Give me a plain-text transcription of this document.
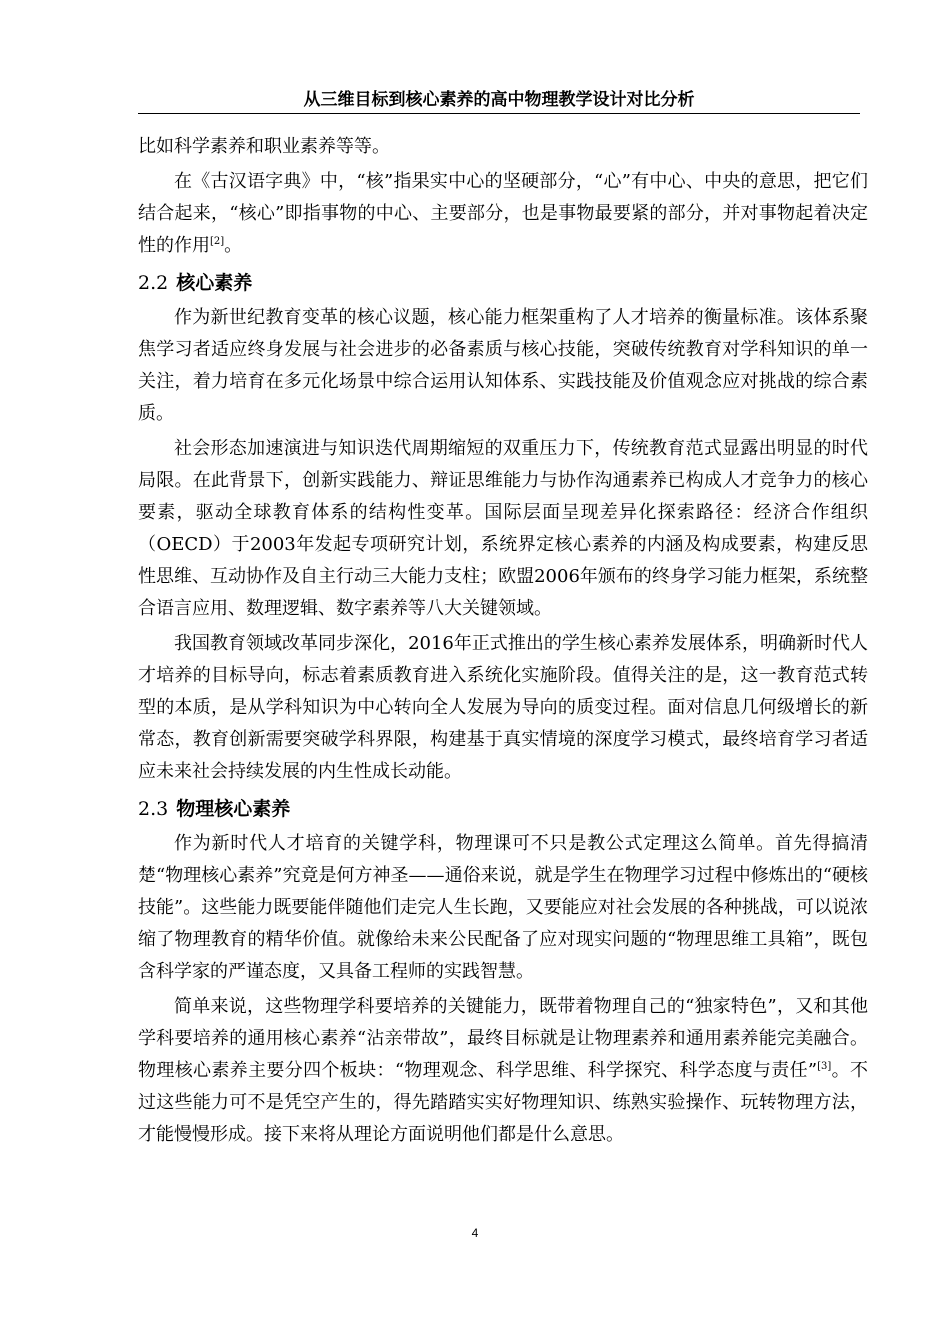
从三维目标到核心素养的高中物理教学设计对比分析

比如科学素养和职业素养等等。

在《古汉语字典》中，“核”指果实中心的坚硬部分，“心”有中心、中央的意思，把它们结合起来，“核心”即指事物的中心、主要部分，也是事物最要紧的部分，并对事物起着决定性的作用[2]。

2.2 核心素养

作为新世纪教育变革的核心议题，核心能力框架重构了人才培养的衡量标准。该体系聚焦学习者适应终身发展与社会进步的必备素质与核心技能，突破传统教育对学科知识的单一关注，着力培育在多元化场景中综合运用认知体系、实践技能及价值观念应对挑战的综合素质。

社会形态加速演进与知识迭代周期缩短的双重压力下，传统教育范式显露出明显的时代局限。在此背景下，创新实践能力、辩证思维能力与协作沟通素养已构成人才竞争力的核心要素，驱动全球教育体系的结构性变革。国际层面呈现差异化探索路径：经济合作组织（OECD）于2003年发起专项研究计划，系统界定核心素养的内涵及构成要素，构建反思性思维、互动协作及自主行动三大能力支柱；欧盟2006年颁布的终身学习能力框架，系统整合语言应用、数理逻辑、数字素养等八大关键领域。

我国教育领域改革同步深化，2016年正式推出的学生核心素养发展体系，明确新时代人才培养的目标导向，标志着素质教育进入系统化实施阶段。值得关注的是，这一教育范式转型的本质，是从学科知识为中心转向全人发展为导向的质变过程。面对信息几何级增长的新常态，教育创新需要突破学科界限，构建基于真实情境的深度学习模式，最终培育学习者适应未来社会持续发展的内生性成长动能。

2.3 物理核心素养

作为新时代人才培育的关键学科，物理课可不只是教公式定理这么简单。首先得搞清楚“物理核心素养”究竟是何方神圣——通俗来说，就是学生在物理学习过程中修炼出的“硬核技能”。这些能力既要能伴随他们走完人生长跑，又要能应对社会发展的各种挑战，可以说浓缩了物理教育的精华价值。就像给未来公民配备了应对现实问题的“物理思维工具箱”，既包含科学家的严谨态度，又具备工程师的实践智慧。

简单来说，这些物理学科要培养的关键能力，既带着物理自己的“独家特色”，又和其他学科要培养的通用核心素养“沾亲带故”，最终目标就是让物理素养和通用素养能完美融合。物理核心素养主要分四个板块：“物理观念、科学思维、科学探究、科学态度与责任”[3]。不过这些能力可不是凭空产生的，得先踏踏实实好物理知识、练熟实验操作、玩转物理方法，才能慢慢形成。接下来将从理论方面说明他们都是什么意思。

4
